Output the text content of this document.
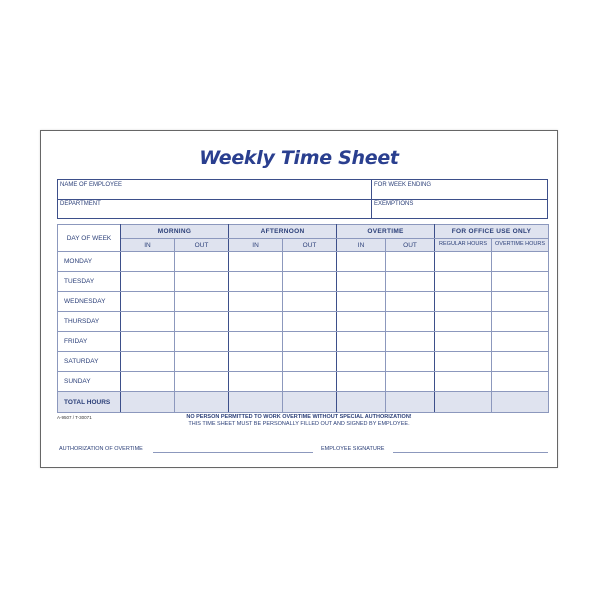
Weekly Time Sheet
NAME OF EMPLOYEE	FOR WEEK ENDING
DEPARTMENT	EXEMPTIONS
DAY OF WEEK	MORNING		AFTERNOON		OVERTIME		FOR OFFICE USE ONLY	
	IN	OUT	IN	OUT	IN	OUT	REGULAR HOURS	OVERTIME HOURS
MONDAY								
TUESDAY								
WEDNESDAY								
THURSDAY								
FRIDAY								
SATURDAY								
SUNDAY								
TOTAL HOURS								
A-9507 / T-30071	NO PERSON PERMITTED TO WORK OVERTIME WITHOUT SPECIAL AUTHORIZATION!
THIS TIME SHEET MUST BE PERSONALLY FILLED OUT AND SIGNED BY EMPLOYEE.
AUTHORIZATION OF OVERTIME	EMPLOYEE SIGNATURE
